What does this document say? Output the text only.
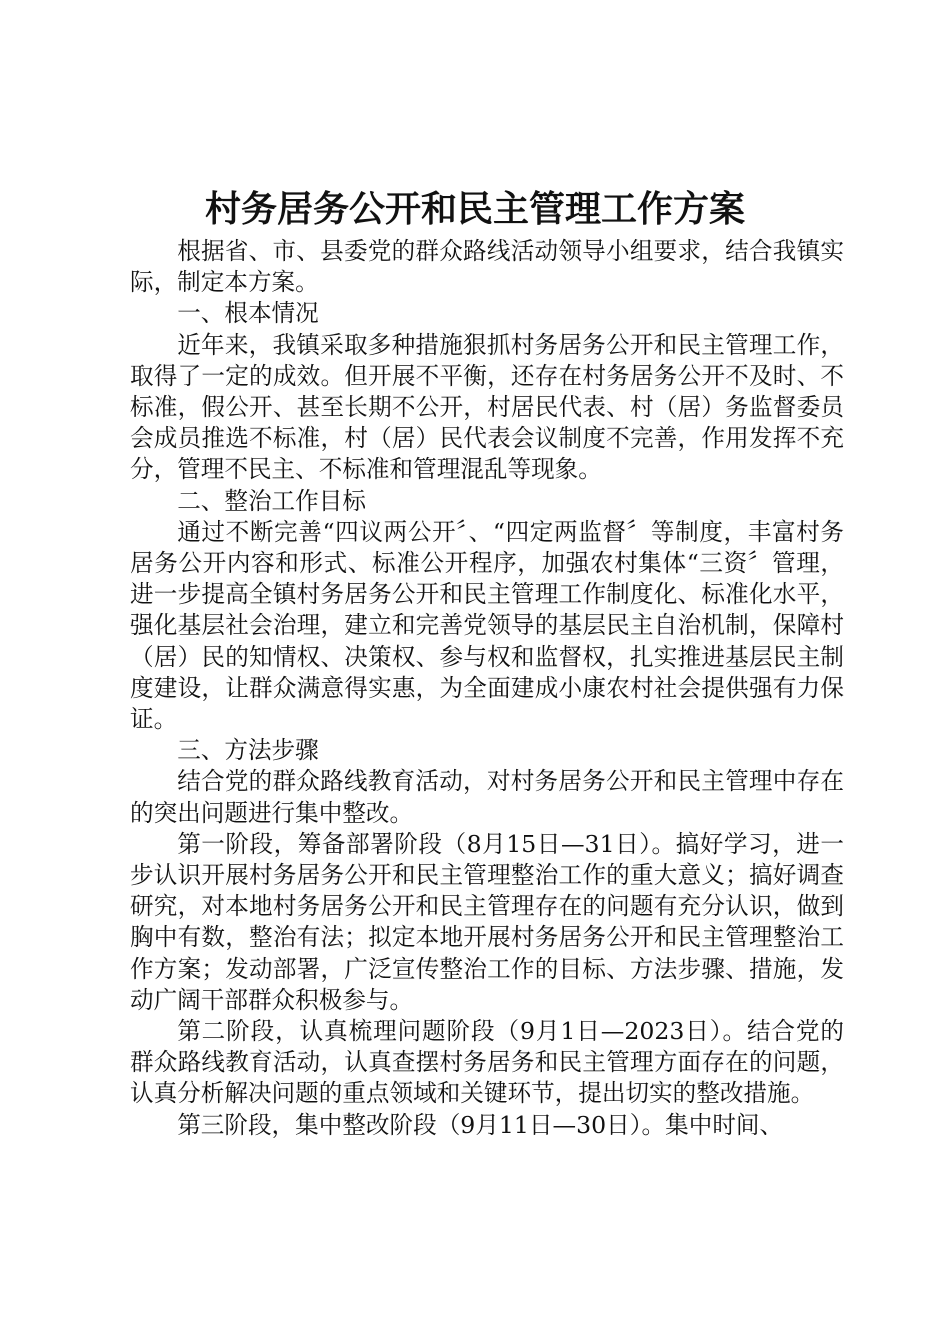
村务居务公开和民主管理工作方案

根据省、市、县委党的群众路线活动领导小组要求，结合我镇实际，制定本方案。

一、根本情况

近年来，我镇采取多种措施狠抓村务居务公开和民主管理工作，取得了一定的成效。但开展不平衡，还存在村务居务公开不及时、不标准，假公开、甚至长期不公开，村居民代表、村（居）务监督委员会成员推选不标准，村（居）民代表会议制度不完善，作用发挥不充分，管理不民主、不标准和管理混乱等现象。

二、整治工作目标

通过不断完善“四议两公开〞、“四定两监督〞等制度，丰富村务居务公开内容和形式、标准公开程序，加强农村集体“三资〞管理，进一步提高全镇村务居务公开和民主管理工作制度化、标准化水平，强化基层社会治理，建立和完善党领导的基层民主自治机制，保障村（居）民的知情权、决策权、参与权和监督权，扎实推进基层民主制度建设，让群众满意得实惠，为全面建成小康农村社会提供强有力保证。

三、方法步骤

结合党的群众路线教育活动，对村务居务公开和民主管理中存在的突出问题进行集中整改。

第一阶段，筹备部署阶段（8月15日—31日）。搞好学习，进一步认识开展村务居务公开和民主管理整治工作的重大意义；搞好调查研究，对本地村务居务公开和民主管理存在的问题有充分认识，做到胸中有数，整治有法；拟定本地开展村务居务公开和民主管理整治工作方案；发动部署，广泛宣传整治工作的目标、方法步骤、措施，发动广阔干部群众积极参与。

第二阶段，认真梳理问题阶段（9月1日—2023日）。结合党的群众路线教育活动，认真查摆村务居务和民主管理方面存在的问题，认真分析解决问题的重点领域和关键环节，提出切实的整改措施。

第三阶段，集中整改阶段（9月11日—30日）。集中时间、
